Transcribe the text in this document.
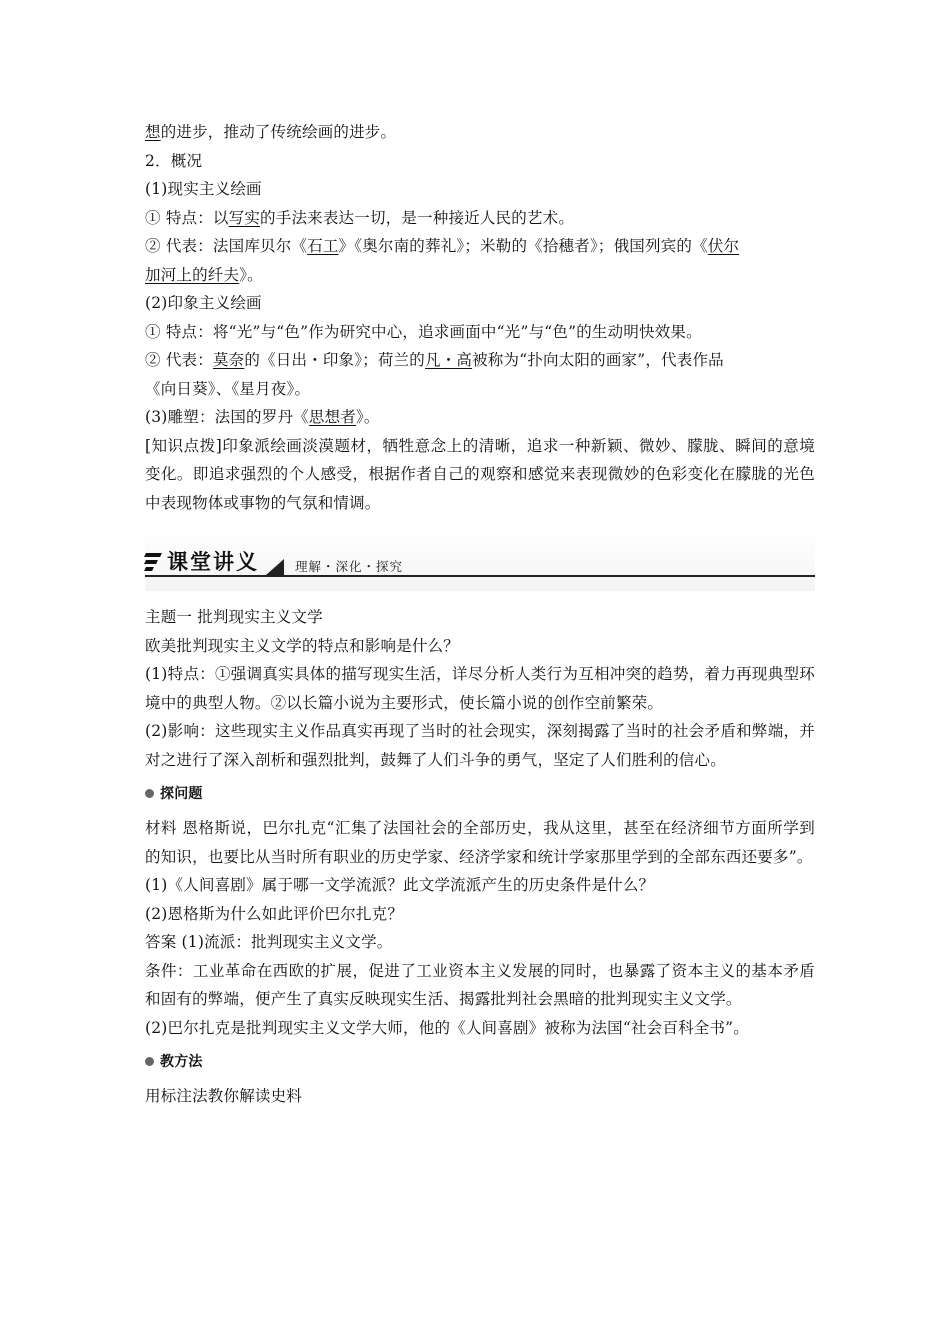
想的进步，推动了传统绘画的进步。
2．概况
(1)现实主义绘画
① 特点：以写实的手法来表达一切，是一种接近人民的艺术。
② 代表：法国库贝尔《石工》《奥尔南的葬礼》；米勒的《拾穗者》；俄国列宾的《伏尔
加河上的纤夫》。
(2)印象主义绘画
① 特点：将“光”与“色”作为研究中心，追求画面中“光”与“色”的生动明快效果。
② 代表：莫奈的《日出・印象》；荷兰的凡・高被称为“扑向太阳的画家”，代表作品
《向日葵》、《星月夜》。
(3)雕塑：法国的罗丹《思想者》。
[知识点拨]印象派绘画淡漠题材，牺牲意念上的清晰，追求一种新颖、微妙、朦胧、瞬间的意境变化。即追求强烈的个人感受，根据作者自己的观察和感觉来表现微妙的色彩变化在朦胧的光色中表现物体或事物的气氛和情调。
课堂讲义	理解・深化・探究
主题一 批判现实主义文学
欧美批判现实主义文学的特点和影响是什么？
(1)特点：①强调真实具体的描写现实生活，详尽分析人类行为互相冲突的趋势，着力再现典型环境中的典型人物。②以长篇小说为主要形式，使长篇小说的创作空前繁荣。
(2)影响：这些现实主义作品真实再现了当时的社会现实，深刻揭露了当时的社会矛盾和弊端，并对之进行了深入剖析和强烈批判，鼓舞了人们斗争的勇气，坚定了人们胜利的信心。
探问题
材料 恩格斯说，巴尔扎克“汇集了法国社会的全部历史，我从这里，甚至在经济细节方面所学到的知识，也要比从当时所有职业的历史学家、经济学家和统计学家那里学到的全部东西还要多”。
(1)《人间喜剧》属于哪一文学流派？此文学流派产生的历史条件是什么？
(2)恩格斯为什么如此评价巴尔扎克？
答案 (1)流派：批判现实主义文学。
条件：工业革命在西欧的扩展，促进了工业资本主义发展的同时，也暴露了资本主义的基本矛盾和固有的弊端，便产生了真实反映现实生活、揭露批判社会黑暗的批判现实主义文学。
(2)巴尔扎克是批判现实主义文学大师，他的《人间喜剧》被称为法国“社会百科全书”。
教方法
用标注法教你解读史料
